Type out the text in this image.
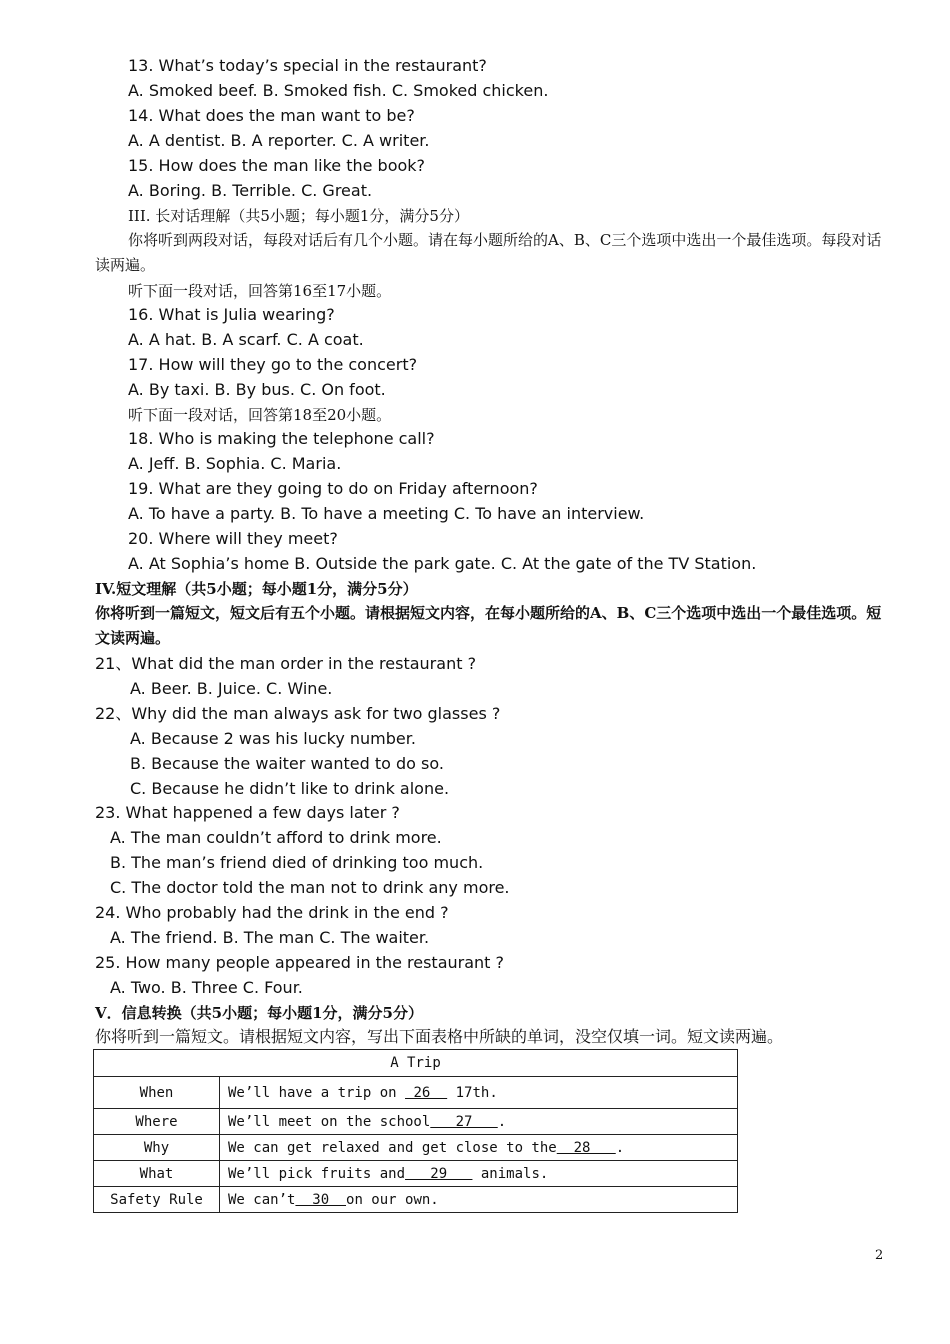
13. What’s today’s special in the restaurant?
A. Smoked beef. B. Smoked fish. C. Smoked chicken.
14. What does the man want to be?
A. A dentist. B. A reporter. C. A writer.
15. How does the man like the book?
A. Boring. B. Terrible. C. Great.
III. 长对话理解（共5小题；每小题1分，满分5分）
你将听到两段对话，每段对话后有几个小题。请在每小题所给的A、B、C三个选项中选出一个最佳选项。每段对话读两遍。
听下面一段对话，回答第16至17小题。
16. What is Julia wearing?
A. A hat. B. A scarf. C. A coat.
17. How will they go to the concert?
A. By taxi. B. By bus. C. On foot.
听下面一段对话，回答第18至20小题。
18. Who is making the telephone call?
A. Jeff. B. Sophia. C. Maria.
19. What are they going to do on Friday afternoon?
A. To have a party. B. To have a meeting C. To have an interview.
20. Where will they meet?
A. At Sophia’s home B. Outside the park gate. C. At the gate of the TV Station.
IV.短文理解（共5小题；每小题1分，满分5分）
你将听到一篇短文，短文后有五个小题。请根据短文内容，在每小题所给的A、B、C三个选项中选出一个最佳选项。短文读两遍。
21、What did the man order in the restaurant ?
A. Beer. B. Juice. C. Wine.
22、Why did the man always ask for two glasses ?
A. Because 2 was his lucky number.
B. Because the waiter wanted to do so.
C. Because he didn’t like to drink alone.
23. What happened a few days later ?
A. The man couldn’t afford to drink more.
B. The man’s friend died of drinking too much.
C. The doctor told the man not to drink any more.
24. Who probably had the drink in the end ?
A. The friend. B. The man C. The waiter.
25. How many people appeared in the restaurant ?
A. Two. B. Three C. Four.
V．信息转换（共5小题；每小题1分，满分5分）
你将听到一篇短文。请根据短文内容，写出下面表格中所缺的单词，没空仅填一词。短文读两遍。
A Trip
When	We’ll have a trip on 26 17th.
Where	We’ll meet on the school 27 .
Why	We can get relaxed and get close to the 28 .
What	We’ll pick fruits and 29 animals.
Safety Rule	We can’t 30 on our own.
2
